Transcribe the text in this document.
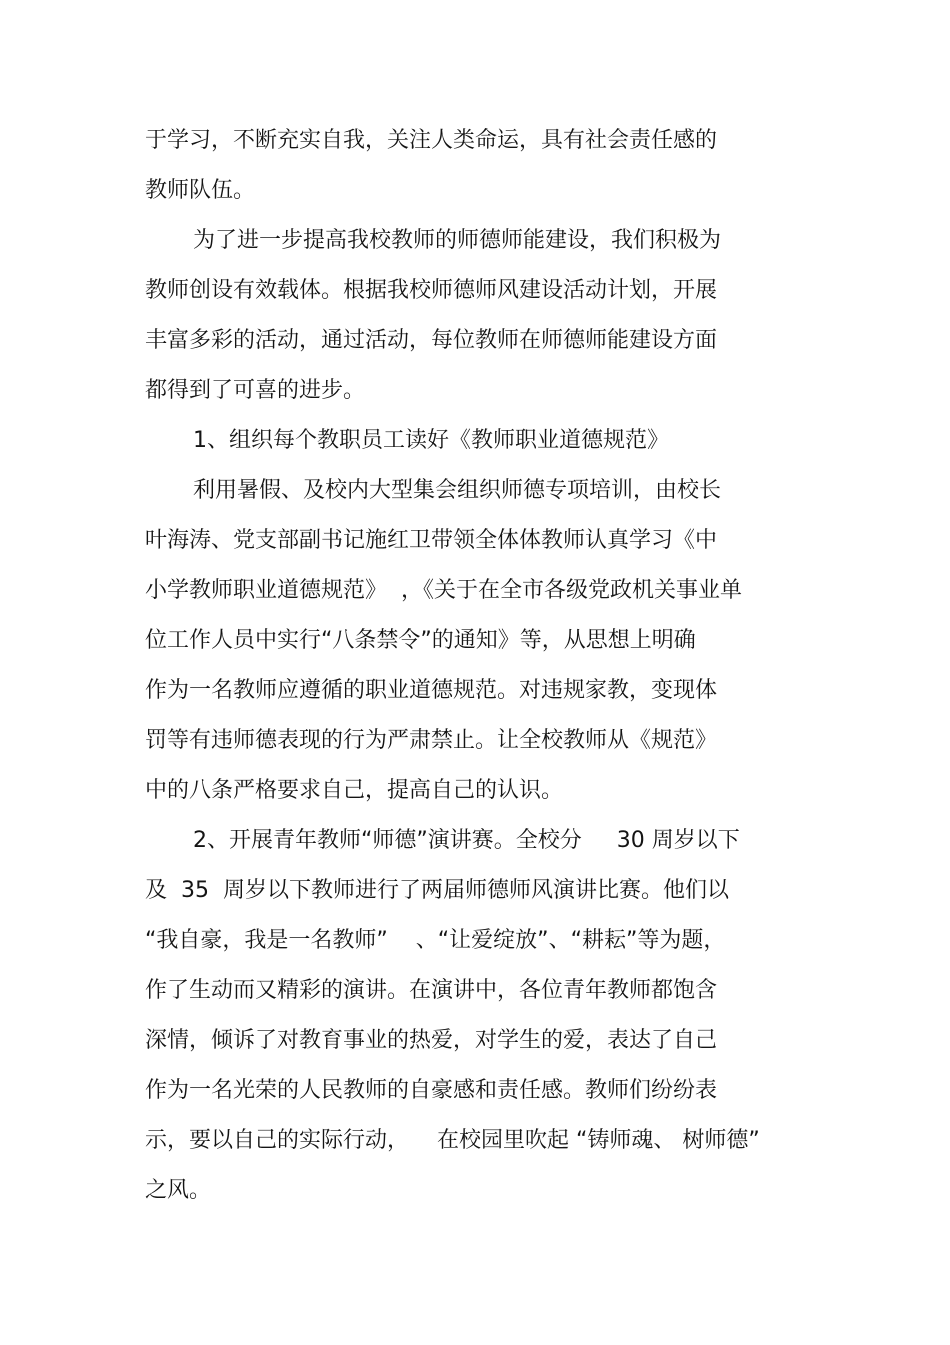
于学习，不断充实自我，关注人类命运，具有社会责任感的
教师队伍。
为了进一步提高我校教师的师德师能建设，我们积极为
教师创设有效载体。根据我校师德师风建设活动计划，开展
丰富多彩的活动，通过活动，每位教师在师德师能建设方面
都得到了可喜的进步。
1、组织每个教职员工读好《教师职业道德规范》
利用暑假、及校内大型集会组织师德专项培训，由校长
叶海涛、党支部副书记施红卫带领全体体教师认真学习《中
小学教师职业道德规范》  ，《关于在全市各级党政机关事业单
位工作人员中实行“八条禁令”的通知》等，从思想上明确
作为一名教师应遵循的职业道德规范。对违规家教，变现体
罚等有违师德表现的行为严肃禁止。让全校教师从《规范》
中的八条严格要求自己，提高自己的认识。
2、开展青年教师“师德”演讲赛。全校分     30 周岁以下
及  35  周岁以下教师进行了两届师德师风演讲比赛。他们以
“我自豪，我是一名教师”    、“让爱绽放”、“耕耘”等为题，
作了生动而又精彩的演讲。在演讲中，各位青年教师都饱含
深情，倾诉了对教育事业的热爱，对学生的爱，表达了自己
作为一名光荣的人民教师的自豪感和责任感。教师们纷纷表
示，要以自己的实际行动，    在校园里吹起 “铸师魂、 树师德”
之风。
